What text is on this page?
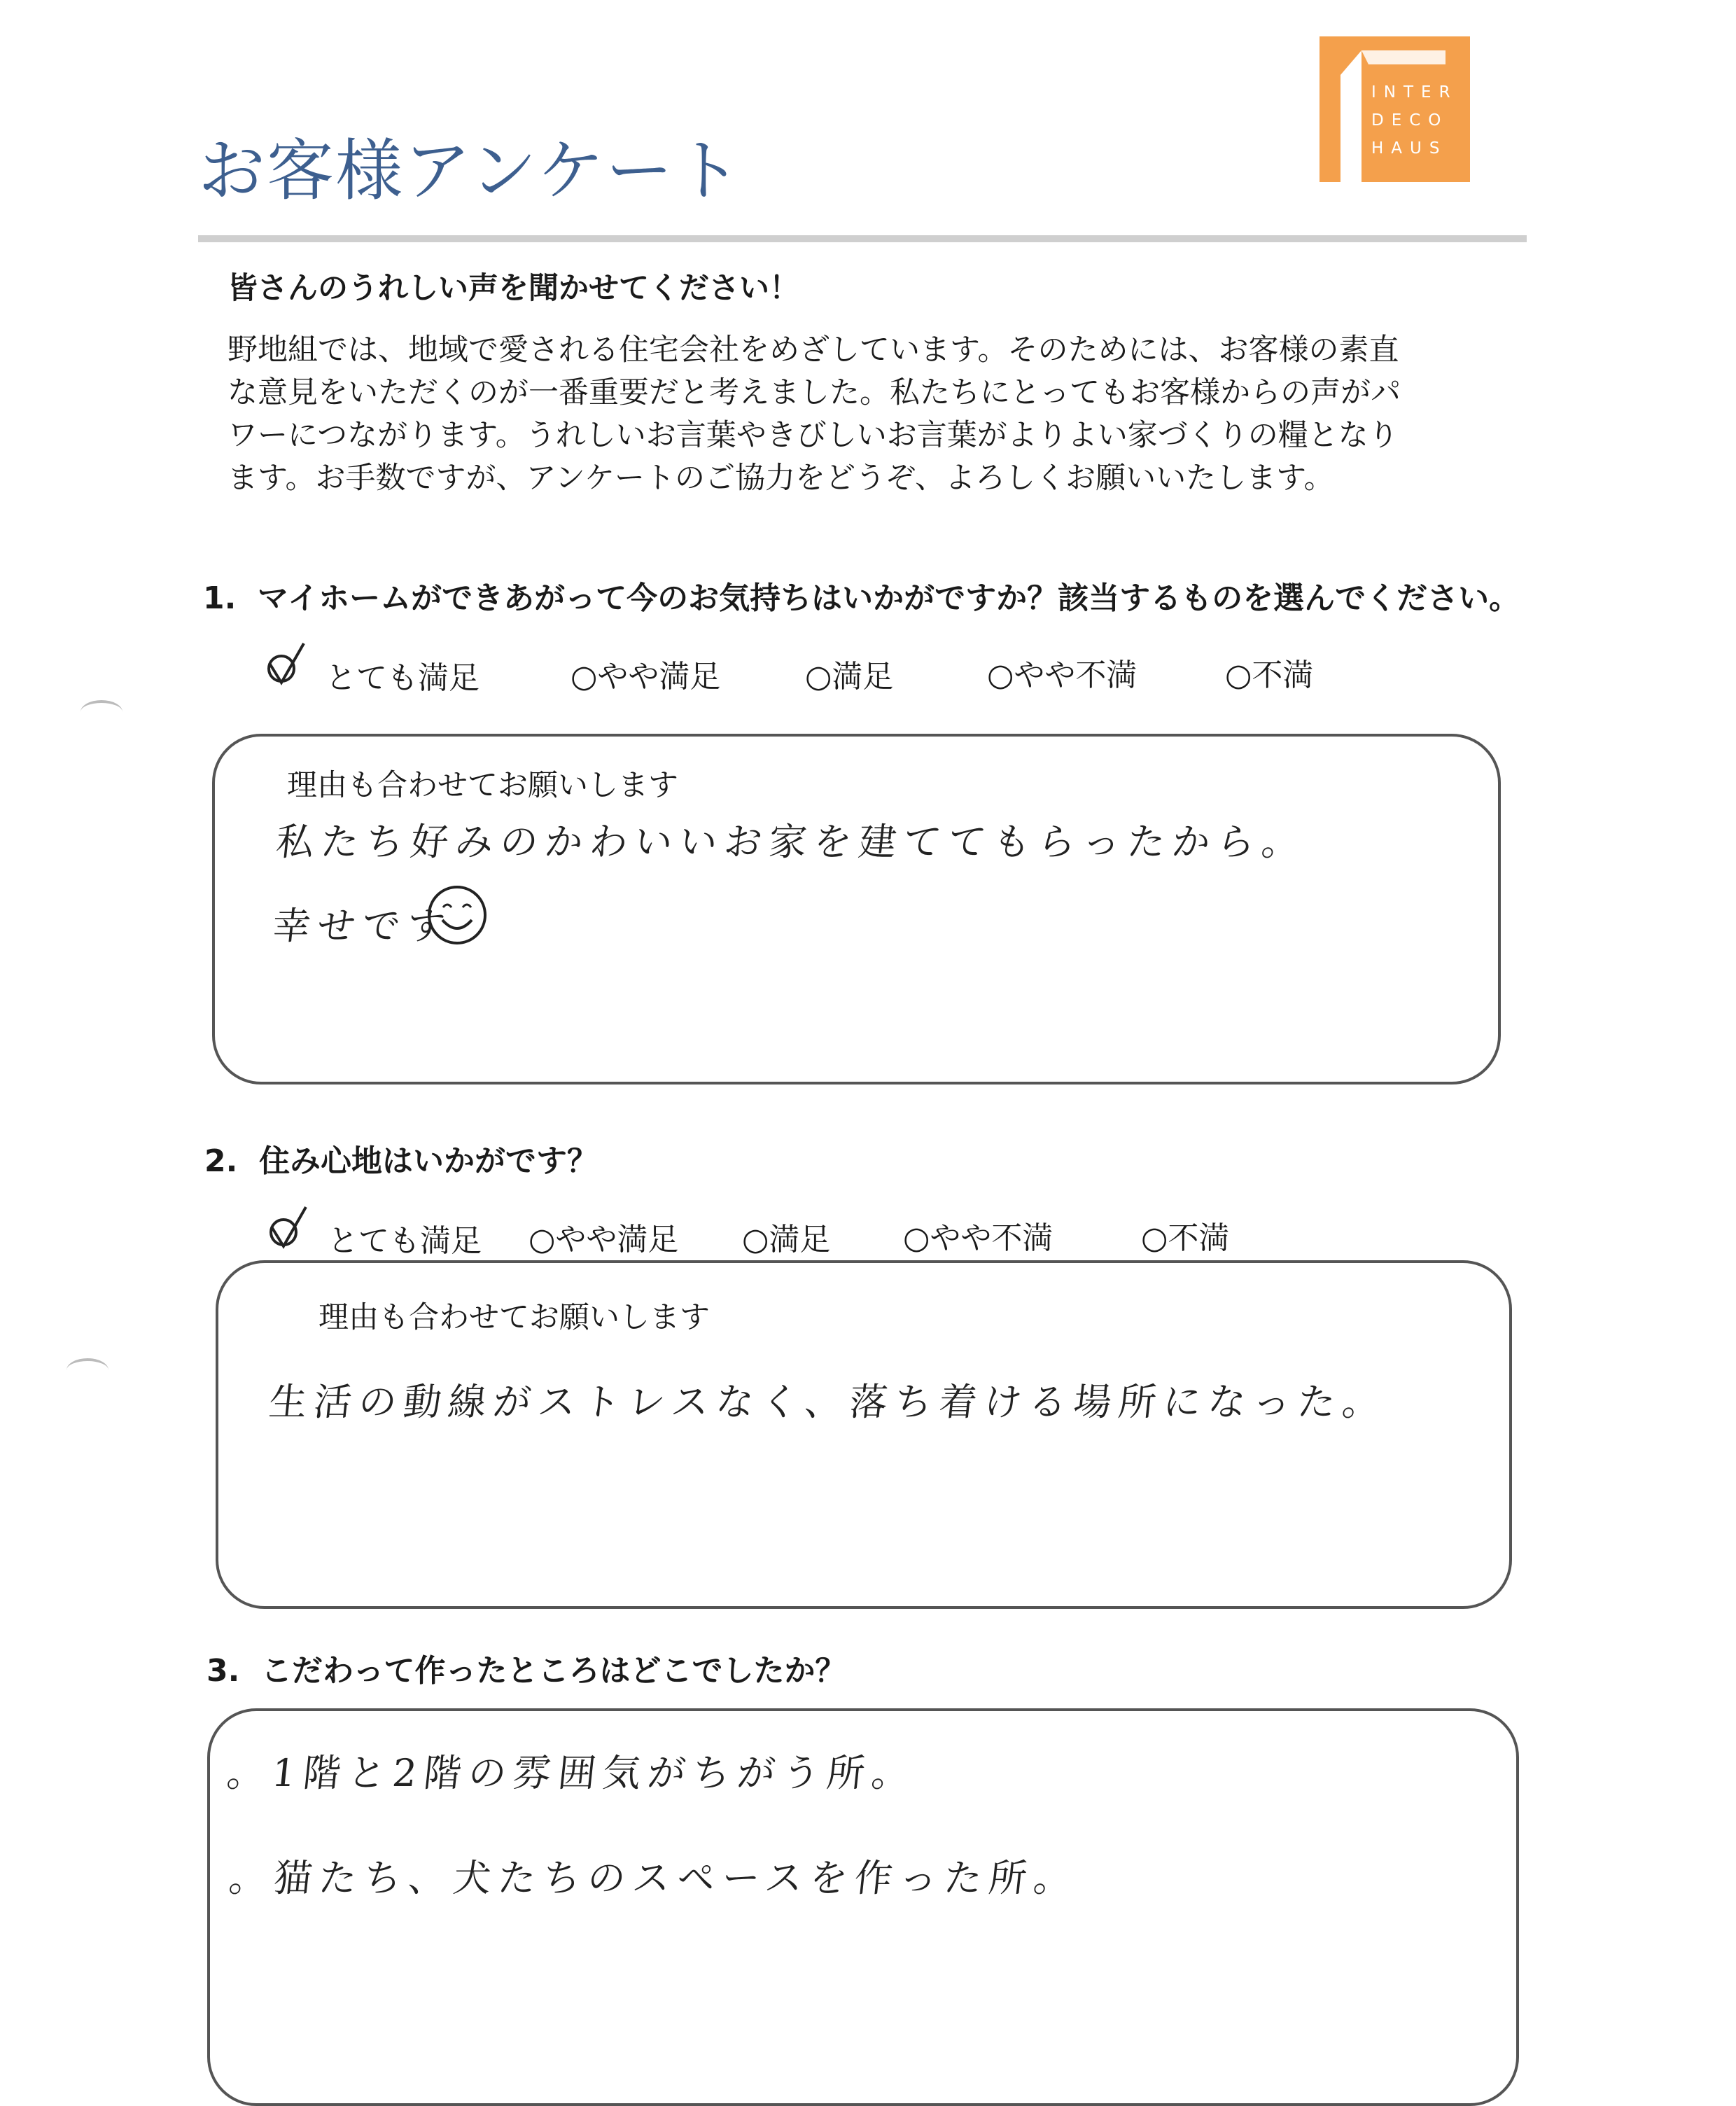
お客様アンケート
INTER
DECO
HAUS
皆さんのうれしい声を聞かせてください！
野地組では、地域で愛される住宅会社をめざしています。そのためには、お客様の素直
な意見をいただくのが一番重要だと考えました。私たちにとってもお客様からの声がパ
ワーにつながります。うれしいお言葉やきびしいお言葉がよりよい家づくりの糧となり
ます。お手数ですが、アンケートのご協力をどうぞ、よろしくお願いいたします。
1. マイホームができあがって今のお気持ちはいかがですか？該当するものを選んでください。
とても満足	○やや満足	○満足	○やや不満	○不満
理由も合わせてお願いします
私たち好みのかわいいお家を建ててもらったから。
幸せです
2. 住み心地はいかがです？
とても満足 ○やや満足 ○満足 ○やや不満	○不満
理由も合わせてお願いします
生活の動線がストレスなく、落ち着ける場所になった。
3. こだわって作ったところはどこでしたか？
。1階と2階の雰囲気がちがう所。
。猫たち、犬たちのスペースを作った所。
